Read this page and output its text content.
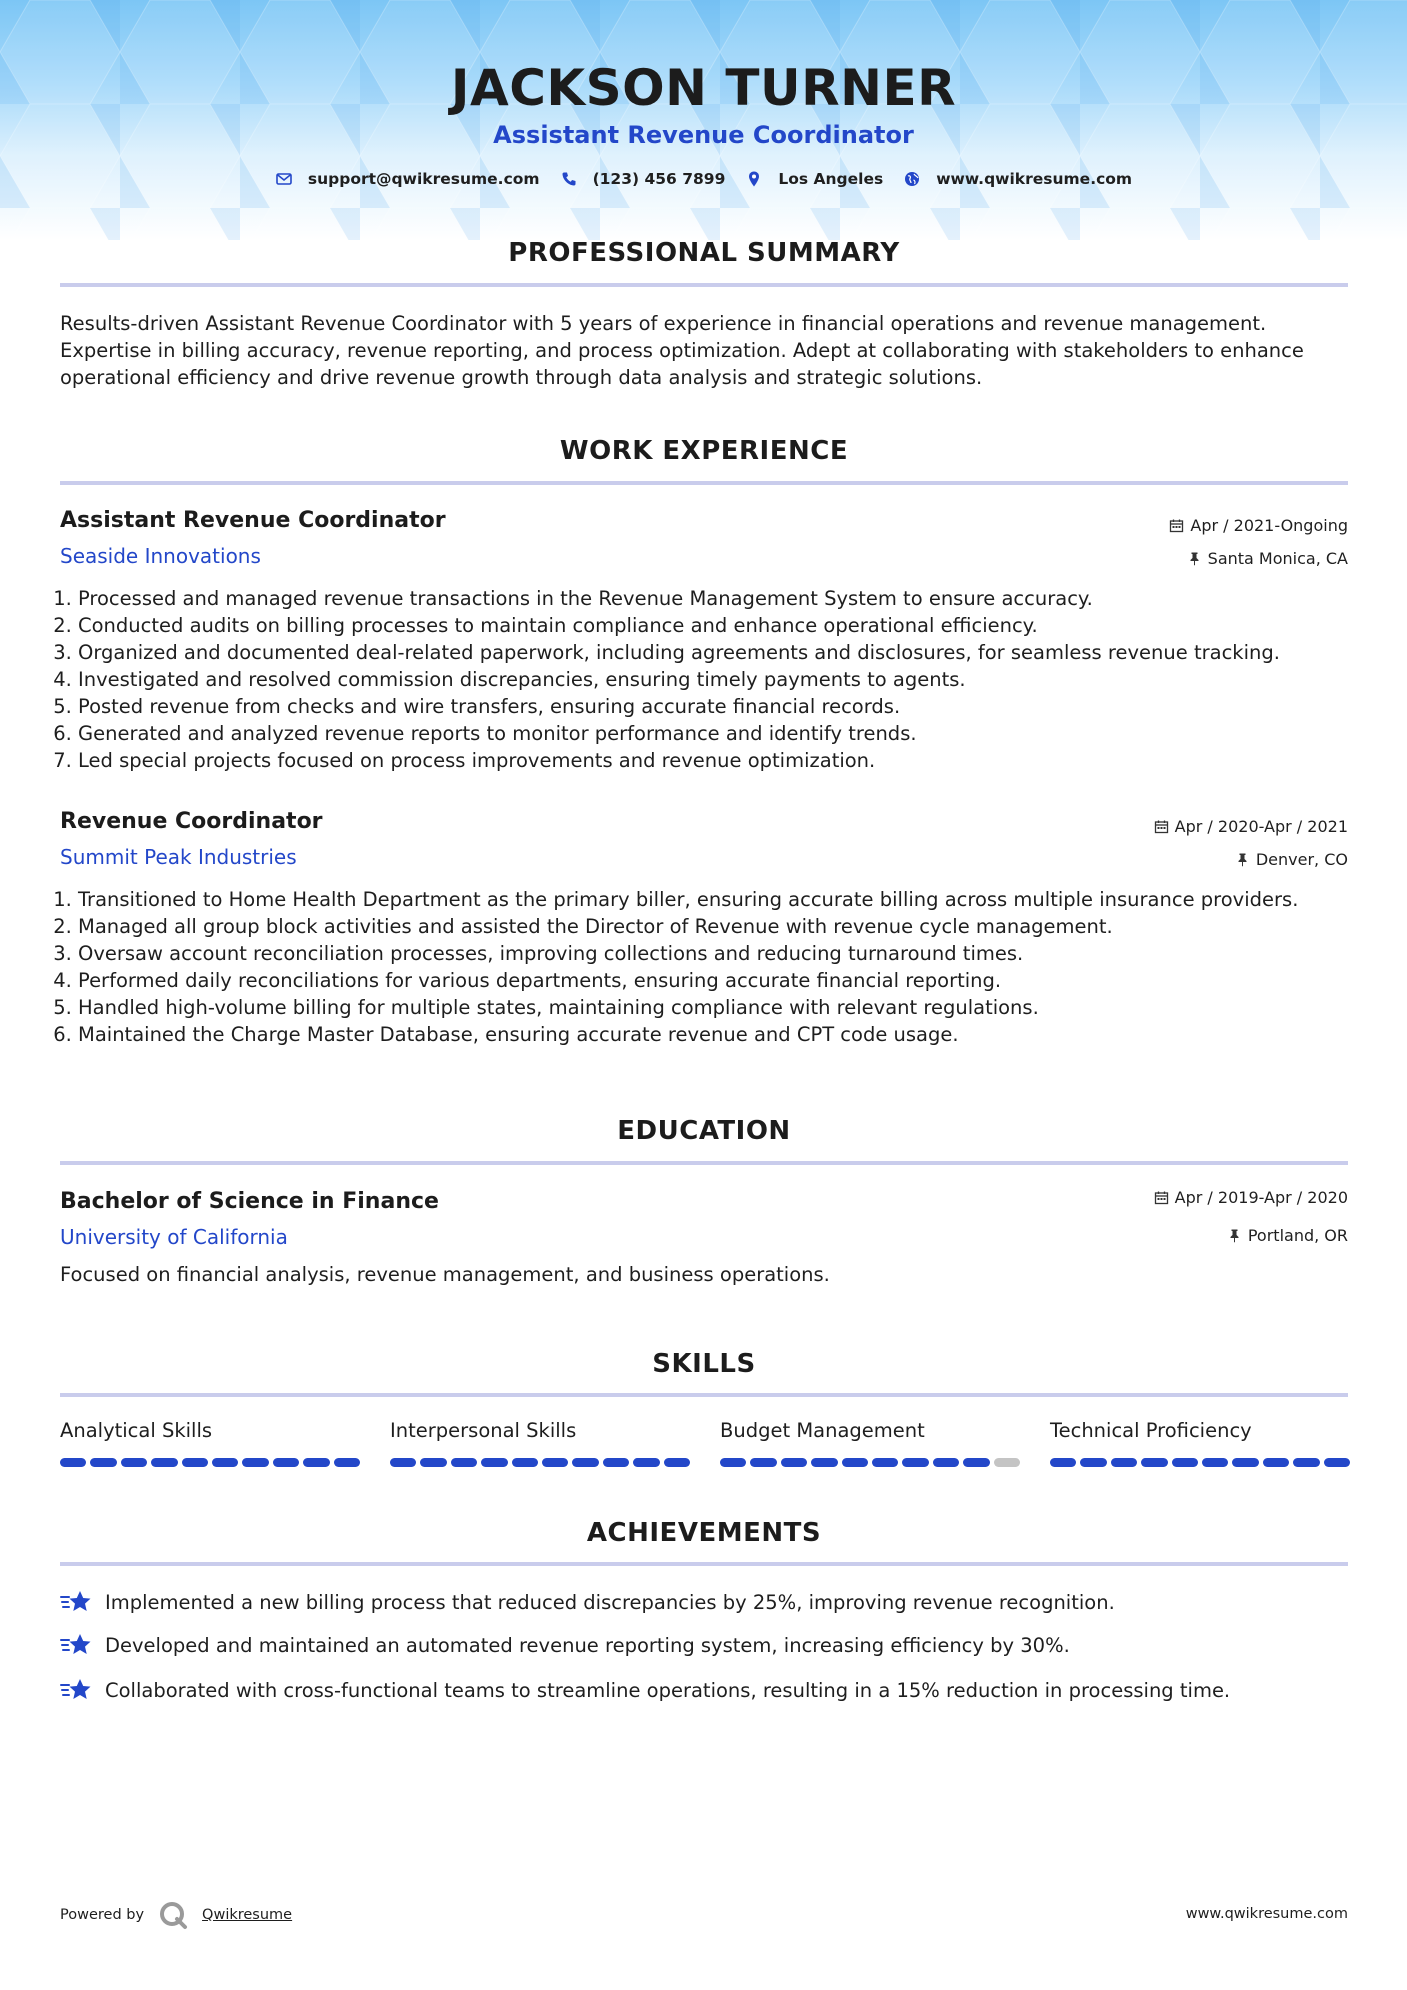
JACKSON TURNER
Assistant Revenue Coordinator
support@qwikresume.com	(123) 456 7899	Los Angeles	www.qwikresume.com
PROFESSIONAL SUMMARY
Results-driven Assistant Revenue Coordinator with 5 years of experience in financial operations and revenue management. Expertise in billing accuracy, revenue reporting, and process optimization. Adept at collaborating with stakeholders to enhance operational efficiency and drive revenue growth through data analysis and strategic solutions.
WORK EXPERIENCE
Assistant Revenue Coordinator	Apr / 2021-Ongoing
Seaside Innovations	Santa Monica, CA
1. Processed and managed revenue transactions in the Revenue Management System to ensure accuracy.
2. Conducted audits on billing processes to maintain compliance and enhance operational efficiency.
3. Organized and documented deal-related paperwork, including agreements and disclosures, for seamless revenue tracking.
4. Investigated and resolved commission discrepancies, ensuring timely payments to agents.
5. Posted revenue from checks and wire transfers, ensuring accurate financial records.
6. Generated and analyzed revenue reports to monitor performance and identify trends.
7. Led special projects focused on process improvements and revenue optimization.
Revenue Coordinator	Apr / 2020-Apr / 2021
Summit Peak Industries	Denver, CO
1. Transitioned to Home Health Department as the primary biller, ensuring accurate billing across multiple insurance providers.
2. Managed all group block activities and assisted the Director of Revenue with revenue cycle management.
3. Oversaw account reconciliation processes, improving collections and reducing turnaround times.
4. Performed daily reconciliations for various departments, ensuring accurate financial reporting.
5. Handled high-volume billing for multiple states, maintaining compliance with relevant regulations.
6. Maintained the Charge Master Database, ensuring accurate revenue and CPT code usage.
EDUCATION
Bachelor of Science in Finance	Apr / 2019-Apr / 2020
University of California	Portland, OR
Focused on financial analysis, revenue management, and business operations.
SKILLS
Analytical Skills	Interpersonal Skills	Budget Management	Technical Proficiency
ACHIEVEMENTS
Implemented a new billing process that reduced discrepancies by 25%, improving revenue recognition.
Developed and maintained an automated revenue reporting system, increasing efficiency by 30%.
Collaborated with cross-functional teams to streamline operations, resulting in a 15% reduction in processing time.
Powered by	Qwikresume	www.qwikresume.com
